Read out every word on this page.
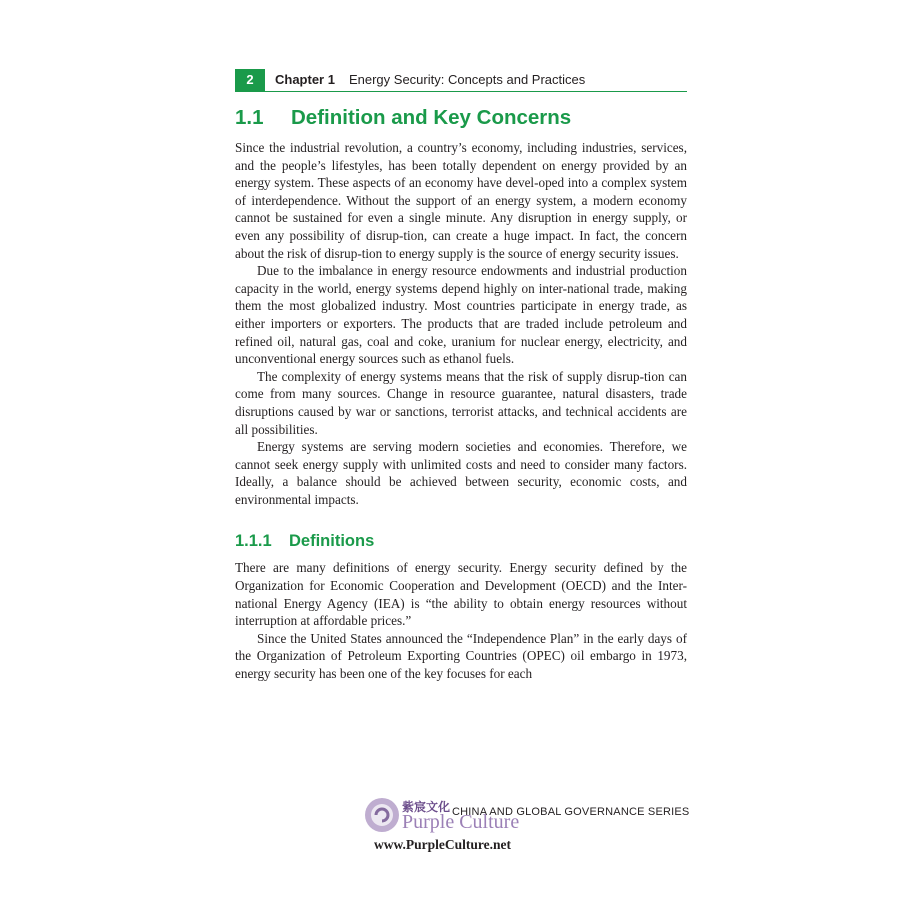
2	Chapter 1 Energy Security: Concepts and Practices
1.1	Definition and Key Concerns

Since the industrial revolution, a country’s economy, including industries, services, and the people’s lifestyles, has been totally dependent on energy provided by an energy system. These aspects of an economy have devel-oped into a complex system of interdependence. Without the support of an energy system, a modern economy cannot be sustained for even a single minute. Any disruption in energy supply, or even any possibility of disrup-tion, can create a huge impact. In fact, the concern about the risk of disrup-tion to energy supply is the source of energy security issues.

Due to the imbalance in energy resource endowments and industrial production capacity in the world, energy systems depend highly on inter-national trade, making them the most globalized industry. Most countries participate in energy trade, as either importers or exporters. The products that are traded include petroleum and refined oil, natural gas, coal and coke, uranium for nuclear energy, electricity, and unconventional energy sources such as ethanol fuels.

The complexity of energy systems means that the risk of supply disrup-tion can come from many sources. Change in resource guarantee, natural disasters, trade disruptions caused by war or sanctions, terrorist attacks, and technical accidents are all possibilities.

Energy systems are serving modern societies and economies. Therefore, we cannot seek energy supply with unlimited costs and need to consider many factors. Ideally, a balance should be achieved between security, economic costs, and environmental impacts.

1.1.1	Definitions

There are many definitions of energy security. Energy security defined by the Organization for Economic Cooperation and Development (OECD) and the Inter-national Energy Agency (IEA) is “the ability to obtain energy resources without interruption at affordable prices.”

Since the United States announced the “Independence Plan” in the early days of the Organization of Petroleum Exporting Countries (OPEC) oil embargo in 1973, energy security has been one of the key focuses for each

CHINA AND GLOBAL GOVERNANCE SERIES
紫宸文化
Purple Culture
www.PurpleCulture.net
